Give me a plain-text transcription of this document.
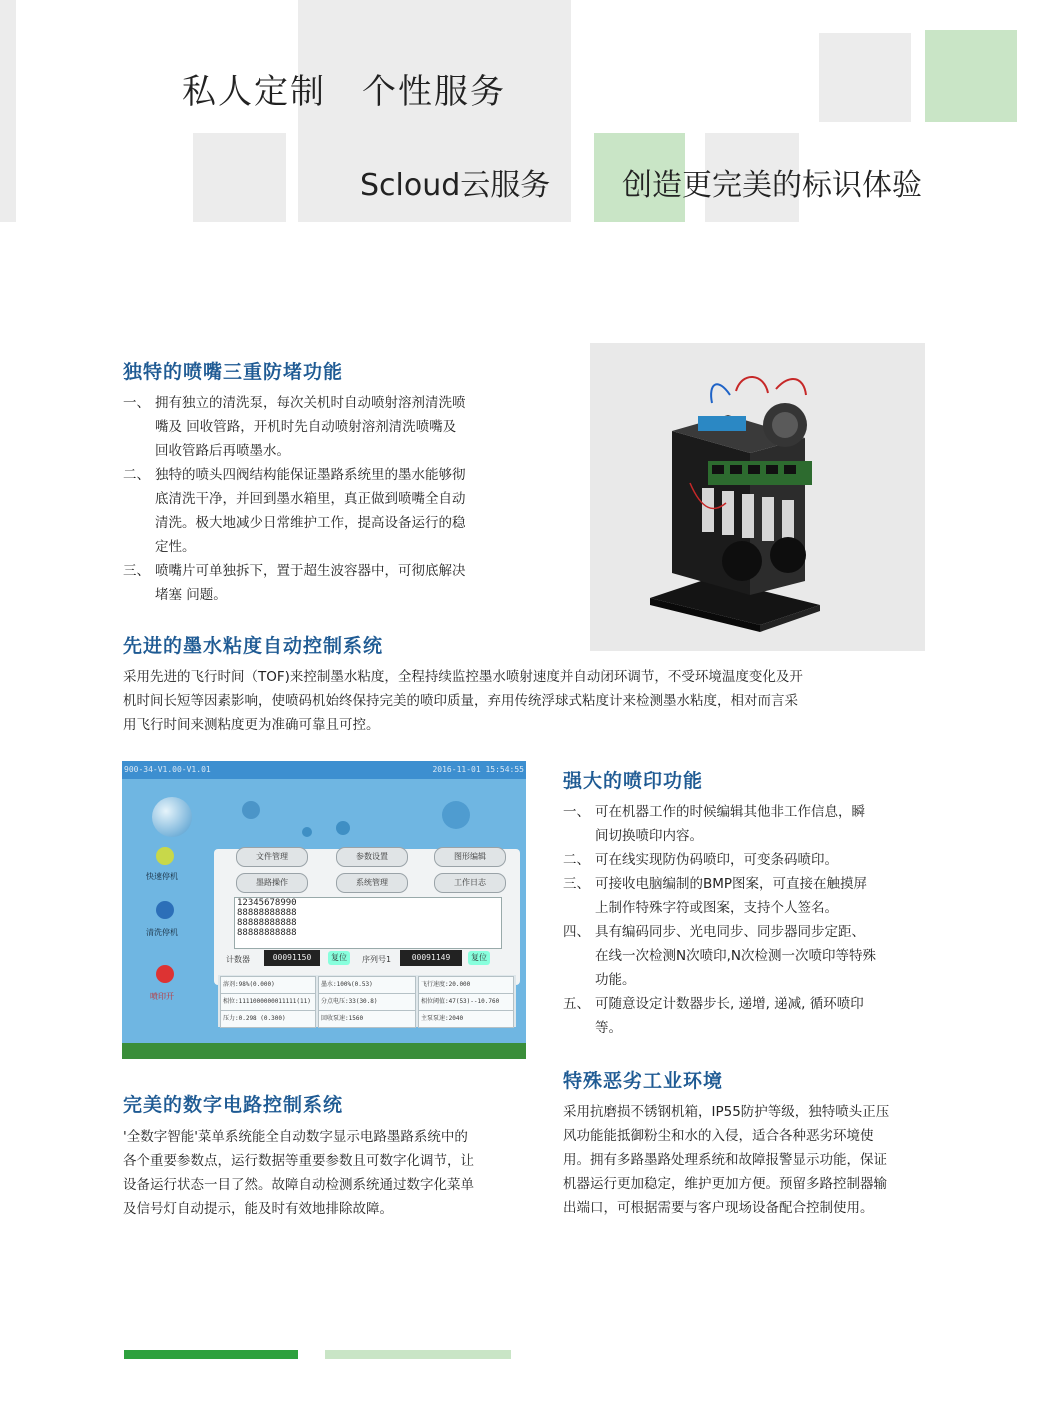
私人定制　个性服务
Scloud云服务 创造更完美的标识体验
独特的喷嘴三重防堵功能
一、 拥有独立的清洗泵，每次关机时自动喷射溶剂清洗喷
嘴及 回收管路，开机时先自动喷射溶剂清洗喷嘴及
回收管路后再喷墨水。
二、 独特的喷头四阀结构能保证墨路系统里的墨水能够彻
底清洗干净，并回到墨水箱里，真正做到喷嘴全自动
清洗。极大地减少日常维护工作，提高设备运行的稳
定性。
三、 喷嘴片可单独拆下，置于超生波容器中，可彻底解决
堵塞 问题。
先进的墨水粘度自动控制系统
采用先进的飞行时间（TOF)来控制墨水粘度，全程持续监控墨水喷射速度并自动闭环调节，不受环境温度变化及开
机时间长短等因素影响，使喷码机始终保持完美的喷印质量，弃用传统浮球式粘度计来检测墨水粘度，相对而言采
用飞行时间来测粘度更为准确可靠且可控。
900-34-V1.00-V1.01	2016-11-01 15:54:55
快速停机
清洗停机
喷印开
文件管理	参数设置	图形编辑
墨路操作	系统管理	工作日志
12345678990
88888888888
88888888888
88888888888
计数器	00091150	复位	序列号1	00091149	复位
溶剂:98%(0.000)	墨水:100%(0.53)	飞行速度:20.000
相位:1111000000011111(11)	分点电压:33(30.8)	相位阈值:47(53)--10.760
压力:0.298 (0.300)	回收泵速:1560	主泵泵速:2040
强大的喷印功能
一、 可在机器工作的时候编辑其他非工作信息，瞬
间切换喷印内容。
二、 可在线实现防伪码喷印，可变条码喷印。
三、 可接收电脑编制的BMP图案，可直接在触摸屏
上制作特殊字符或图案，支持个人签名。
四、 具有编码同步、光电同步、同步器同步定距、
在线一次检测N次喷印,N次检测一次喷印等特殊
功能。
五、 可随意设定计数器步长, 递增, 递减, 循环喷印
等。
完美的数字电路控制系统
'全数字智能'菜单系统能全自动数字显示电路墨路系统中的
各个重要参数点，运行数据等重要参数且可数字化调节，让
设备运行状态一目了然。故障自动检测系统通过数字化菜单
及信号灯自动提示，能及时有效地排除故障。
特殊恶劣工业环境
采用抗磨损不锈钢机箱，IP55防护等级，独特喷头正压
风功能能抵御粉尘和水的入侵，适合各种恶劣环境使
用。拥有多路墨路处理系统和故障报警显示功能，保证
机器运行更加稳定，维护更加方便。预留多路控制器输
出端口，可根据需要与客户现场设备配合控制使用。
